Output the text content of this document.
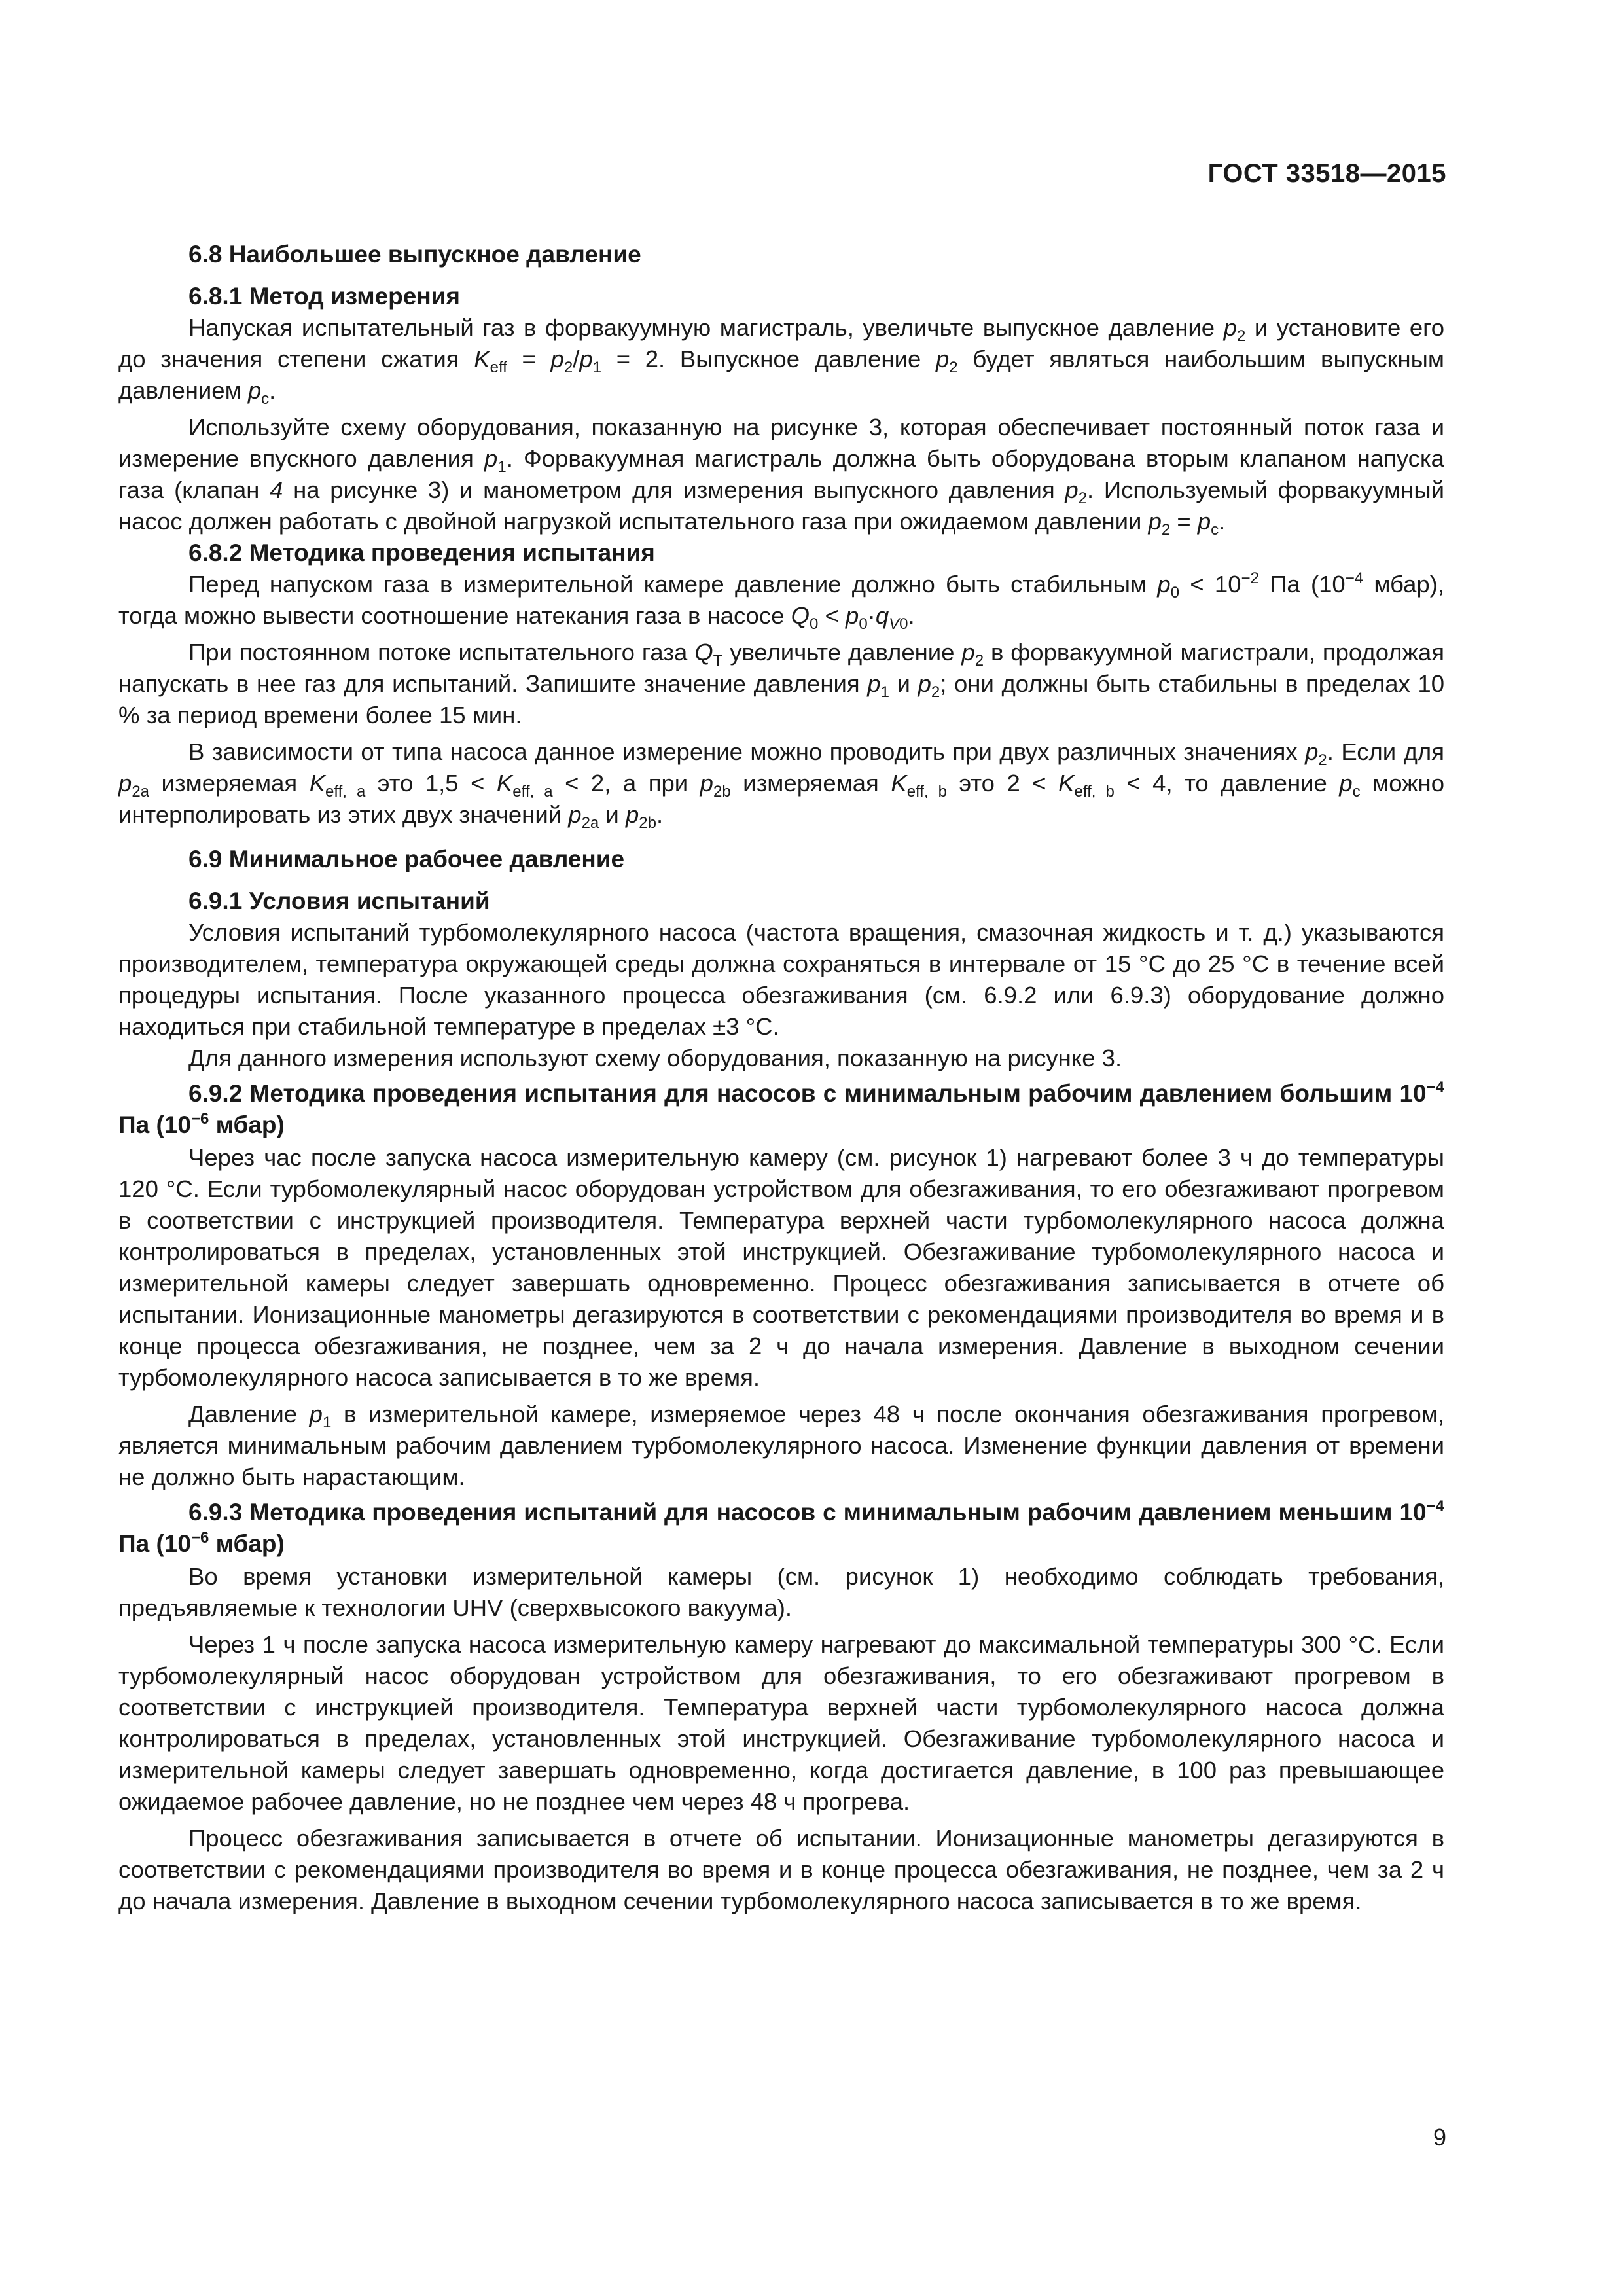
ГОСТ 33518—2015
6.8 Наибольшее выпускное давление
6.8.1 Метод измерения

Напуская испытательный газ в форвакуумную магистраль, увеличьте выпускное давление $p_2$ и установите его до значения степени сжатия $K_{eff} = p_2/p_1 = 2$. Выпускное давление $p_2$ будет являться наибольшим выпускным давлением $p_c$.

Используйте схему оборудования, показанную на рисунке 3, которая обеспечивает постоянный поток газа и измерение впускного давления $p_1$. Форвакуумная магистраль должна быть оборудована вторым клапаном напуска газа (клапан 4 на рисунке 3) и манометром для измерения выпускного давления $p_2$. Используемый форвакуумный насос должен работать с двойной нагрузкой испытательного газа при ожидаемом давлении $p_2 = p_c$.

6.8.2 Методика проведения испытания

Перед напуском газа в измерительной камере давление должно быть стабильным $p_0 < 10^{-2}$ Па ($10^{-4}$ мбар), тогда можно вывести соотношение натекания газа в насосе $Q_0 < p_0\cdot q_{V0}$.

При постоянном потоке испытательного газа $Q_T$ увеличьте давление $p_2$ в форвакуумной магистрали, продолжая напускать в нее газ для испытаний. Запишите значение давления $p_1$ и $p_2$; они должны быть стабильны в пределах 10 % за период времени более 15 мин.

В зависимости от типа насоса данное измерение можно проводить при двух различных значениях $p_2$. Если для $p_{2a}$ измеряемая $K_{eff, a}$ это $1,5 < K_{eff, a} < 2$, а при $p_{2b}$ измеряемая $K_{eff, b}$ это $2 < K_{eff, b} < 4$, то давление $p_c$ можно интерполировать из этих двух значений $p_{2a}$ и $p_{2b}$.

6.9 Минимальное рабочее давление
6.9.1 Условия испытаний

Условия испытаний турбомолекулярного насоса (частота вращения, смазочная жидкость и т. д.) указываются производителем, температура окружающей среды должна сохраняться в интервале от 15 °С до 25 °С в течение всей процедуры испытания. После указанного процесса обезгаживания (см. 6.9.2 или 6.9.3) оборудование должно находиться при стабильной температуре в пределах ±3 °С.

Для данного измерения используют схему оборудования, показанную на рисунке 3.

6.9.2 Методика проведения испытания для насосов с минимальным рабочим давлением большим $10^{-4}$ Па ($10^{-6}$ мбар)

Через час после запуска насоса измерительную камеру (см. рисунок 1) нагревают более 3 ч до температуры 120 °С. Если турбомолекулярный насос оборудован устройством для обезгаживания, то его обезгаживают прогревом в соответствии с инструкцией производителя. Температура верхней части турбомолекулярного насоса должна контролироваться в пределах, установленных этой инструкцией. Обезгаживание турбомолекулярного насоса и измерительной камеры следует завершать одновременно. Процесс обезгаживания записывается в отчете об испытании. Ионизационные манометры дегазируются в соответствии с рекомендациями производителя во время и в конце процесса обезгаживания, не позднее, чем за 2 ч до начала измерения. Давление в выходном сечении турбомолекулярного насоса записывается в то же время.

Давление $p_1$ в измерительной камере, измеряемое через 48 ч после окончания обезгаживания прогревом, является минимальным рабочим давлением турбомолекулярного насоса. Изменение функции давления от времени не должно быть нарастающим.

6.9.3 Методика проведения испытаний для насосов с минимальным рабочим давлением меньшим $10^{-4}$ Па ($10^{-6}$ мбар)

Во время установки измерительной камеры (см. рисунок 1) необходимо соблюдать требования, предъявляемые к технологии UHV (сверхвысокого вакуума).

Через 1 ч после запуска насоса измерительную камеру нагревают до максимальной температуры 300 °С. Если турбомолекулярный насос оборудован устройством для обезгаживания, то его обезгаживают прогревом в соответствии с инструкцией производителя. Температура верхней части турбомолекулярного насоса должна контролироваться в пределах, установленных этой инструкцией. Обезгаживание турбомолекулярного насоса и измерительной камеры следует завершать одновременно, когда достигается давление, в 100 раз превышающее ожидаемое рабочее давление, но не позднее чем через 48 ч прогрева.

Процесс обезгаживания записывается в отчете об испытании. Ионизационные манометры дегазируются в соответствии с рекомендациями производителя во время и в конце процесса обезгаживания, не позднее, чем за 2 ч до начала измерения. Давление в выходном сечении турбомолекулярного насоса записывается в то же время.

9
